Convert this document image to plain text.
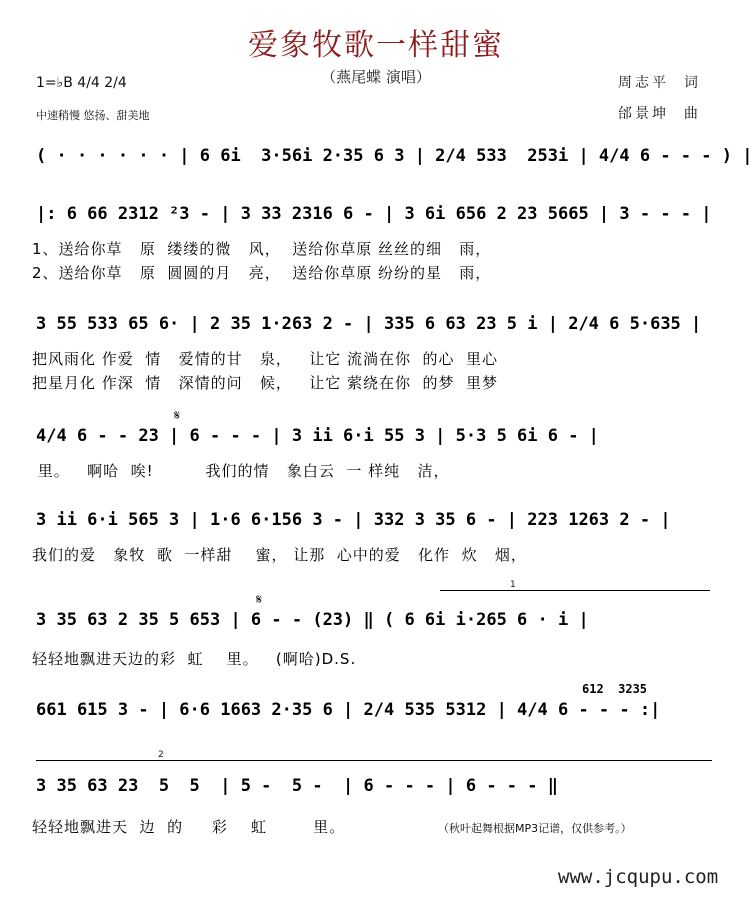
爱象牧歌一样甜蜜
（燕尾蝶 演唱）
1=♭B 4/4 2/4
中速稍慢 悠扬、甜美地
周志平  词
邰景坤  曲
( · · · · · · | 6 6i  3·56i 2·35 6 3 | 2/4 533  253i | 4/4 6 - - - ) |
|: 6 66 2312 ²3 - | 3 33 2316 6 - | 3 6i 656 2 23 5665 | 3 - - - |
1、送给你草   原  缕缕的微   风，  送给你草原 丝丝的细   雨，
2、送给你草   原  圆圆的月   亮，  送给你草原 纷纷的星   雨，
3 55 533 65 6· | 2 35 1·263 2 - | 335 6 63 23 5 i | 2/4 6 5·635 |
把风雨化 作爱  情   爱情的甘   泉，   让它 流淌在你  的心  里心
把星月化 作深  情   深情的问   候，   让它 萦绕在你  的梦  里梦
𝄋
4/4 6 - - 23 | 6 - - - | 3 ii 6·i 55 3 | 5·3 5 6i 6 - |
里。   啊哈  唉!         我们的情   象白云  一 样纯   洁，
3 ii 6·i 565 3 | 1·6 6·156 3 - | 332 3 35 6 - | 223 1263 2 - |
我们的爱   象牧  歌  一样甜    蜜， 让那  心中的爱   化作  炊   烟，
1
𝄋
3 35 63 2 35 5 653 | 6 - - (23) ‖ ( 6 6i i·265 6 · i |
轻轻地飘进天边的彩  虹    里。   (啊哈)D.S.
612  3235
661 615 3 - | 6·6 1663 2·35 6 | 2/4 535 5312 | 4/4 6 - - - :|
2
3 35 63 23  5  5  | 5 -  5 -  | 6 - - - | 6 - - - ‖
轻轻地飘进天  边  的     彩    虹        里。	（秋叶起舞根据MP3记谱，仅供参考。）
www.jcqupu.com
